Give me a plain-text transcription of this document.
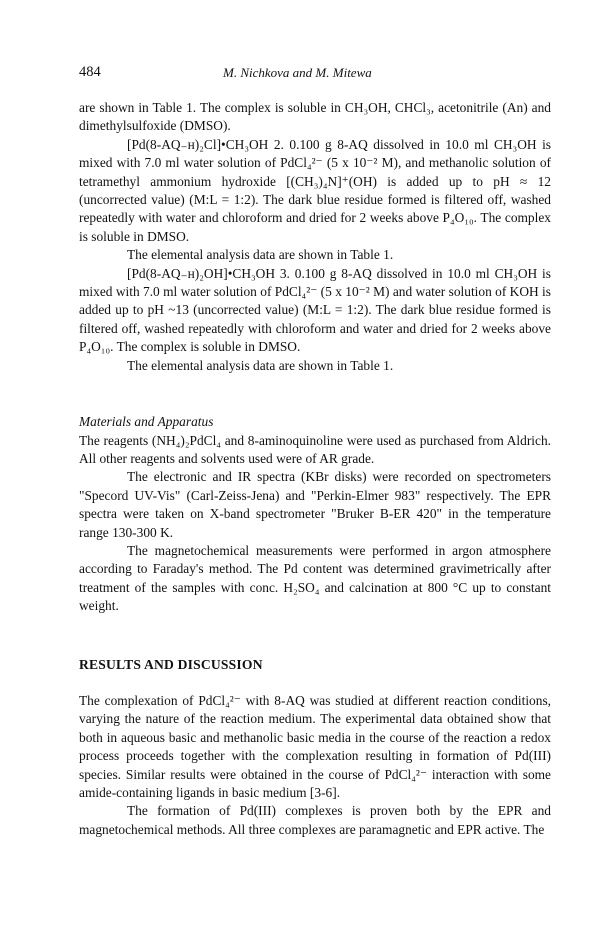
484	M. Nichkova and M. Mitewa

are shown in Table 1. The complex is soluble in CH₃OH, CHCl₃, acetonitrile (An) and dimethylsulfoxide (DMSO).

[Pd(8-AQ₋ʜ)₂Cl]•CH₃OH 2. 0.100 g 8-AQ dissolved in 10.0 ml CH₃OH is mixed with 7.0 ml water solution of PdCl₄²⁻ (5 x 10⁻² M), and methanolic solution of tetramethyl ammonium hydroxide [(CH₃)₄N]⁺(OH) is added up to pH ≈ 12 (uncorrected value) (M:L = 1:2). The dark blue residue formed is filtered off, washed repeatedly with water and chloroform and dried for 2 weeks above P₄O₁₀. The complex is soluble in DMSO.

The elemental analysis data are shown in Table 1.

[Pd(8-AQ₋ʜ)₂OH]•CH₃OH 3. 0.100 g 8-AQ dissolved in 10.0 ml CH₃OH is mixed with 7.0 ml water solution of PdCl₄²⁻ (5 x 10⁻² M) and water solution of KOH is added up to pH ~13 (uncorrected value) (M:L = 1:2). The dark blue residue formed is filtered off, washed repeatedly with chloroform and water and dried for 2 weeks above P₄O₁₀. The complex is soluble in DMSO.

The elemental analysis data are shown in Table 1.

Materials and Apparatus

The reagents (NH₄)₂PdCl₄ and 8-aminoquinoline were used as purchased from Aldrich. All other reagents and solvents used were of AR grade.

The electronic and IR spectra (KBr disks) were recorded on spectrometers "Specord UV-Vis" (Carl-Zeiss-Jena) and "Perkin-Elmer 983" respectively. The EPR spectra were taken on X-band spectrometer "Bruker B-ER 420" in the temperature range 130-300 K.

The magnetochemical measurements were performed in argon atmosphere according to Faraday's method. The Pd content was determined gravimetrically after treatment of the samples with conc. H₂SO₄ and calcination at 800 °C up to constant weight.

RESULTS AND DISCUSSION

The complexation of PdCl₄²⁻ with 8-AQ was studied at different reaction conditions, varying the nature of the reaction medium. The experimental data obtained show that both in aqueous basic and methanolic basic media in the course of the reaction a redox process proceeds together with the complexation resulting in formation of Pd(III) species. Similar results were obtained in the course of PdCl₄²⁻ interaction with some amide-containing ligands in basic medium [3-6].

The formation of Pd(III) complexes is proven both by the EPR and magnetochemical methods. All three complexes are paramagnetic and EPR active. The
